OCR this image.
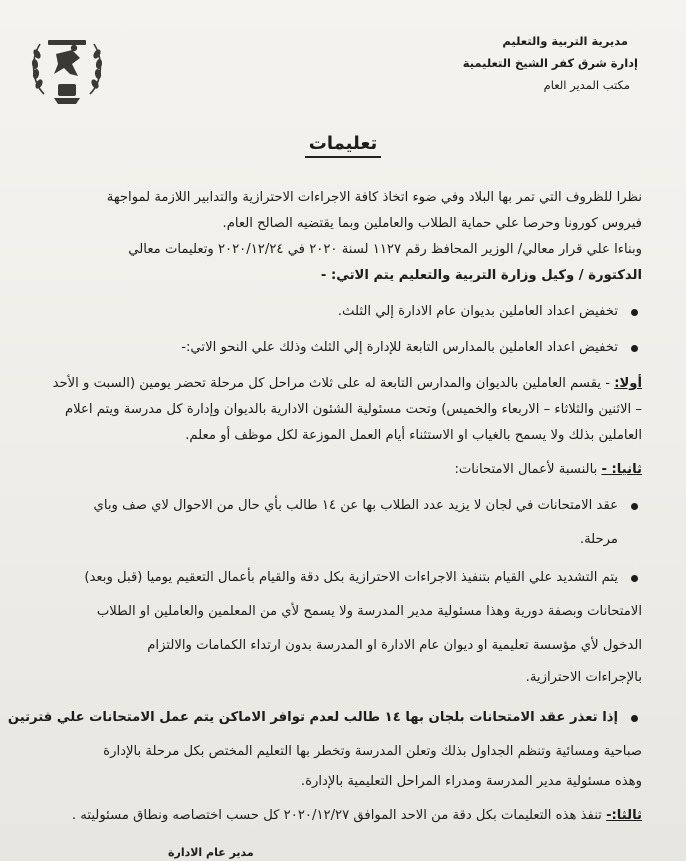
مديرية التربية والتعليم
إدارة شرق كفر الشيخ التعليمية
مكتب المدير العام
تعليمات
نظرا للظروف التي تمر بها البلاد وفي ضوء اتخاذ كافة الاجراءات الاحترازية والتدابير اللازمة لمواجهة
فيروس كورونا وحرصا علي حماية الطلاب والعاملين وبما يقتضيه الصالح العام.
وبناءا علي قرار معالي/ الوزير المحافظ رقم ١١٢٧ لسنة ٢٠٢٠ في ٢٠٢٠/١٢/٢٤ وتعليمات معالي
الدكتورة / وكيل وزارة التربية والتعليم يتم الاتي: -
تخفيض اعداد العاملين بديوان عام الادارة إلي الثلث.
تخفيض اعداد العاملين بالمدارس التابعة للإدارة إلي الثلث وذلك علي النحو الاتي:-
أولا: - يقسم العاملين بالديوان والمدارس التابعة له على ثلاث مراحل كل مرحلة تحضر يومين (السبت و الأحد
– الاثنين والثلاثاء – الاربعاء والخميس) وتحت مسئولية الشئون الادارية بالديوان وإدارة كل مدرسة ويتم اعلام
العاملين بذلك ولا يسمح بالغياب او الاستثناء أيام العمل الموزعة لكل موظف أو معلم.
ثانيا: - بالنسبة لأعمال الامتحانات:
عقد الامتحانات في لجان لا يزيد عدد الطلاب بها عن ١٤ طالب بأي حال من الاحوال لاي صف وباي
مرحلة.
يتم التشديد علي القيام بتنفيذ الاجراءات الاحترازية بكل دقة والقيام بأعمال التعقيم يوميا (قبل وبعد)
الامتحانات وبصفة دورية وهذا مسئولية مدير المدرسة ولا يسمح لأي من المعلمين والعاملين او الطلاب
الدخول لأي مؤسسة تعليمية او ديوان عام الادارة او المدرسة بدون ارتداء الكمامات والالتزام
بالإجراءات الاحترازية.
إذا تعذر عقد الامتحانات بلجان بها ١٤ طالب لعدم توافر الاماكن يتم عمل الامتحانات علي فترتين
صباحية ومسائية وتنظم الجداول بذلك وتعلن المدرسة وتخطر بها التعليم المختص بكل مرحلة بالإدارة
وهذه مسئولية مدير المدرسة ومدراء المراحل التعليمية بالإدارة.
ثالثا:- تنفذ هذه التعليمات بكل دقة من الاحد الموافق ٢٠٢٠/١٢/٢٧ كل حسب اختصاصه ونطاق مسئوليته .
مدير عام الادارة
